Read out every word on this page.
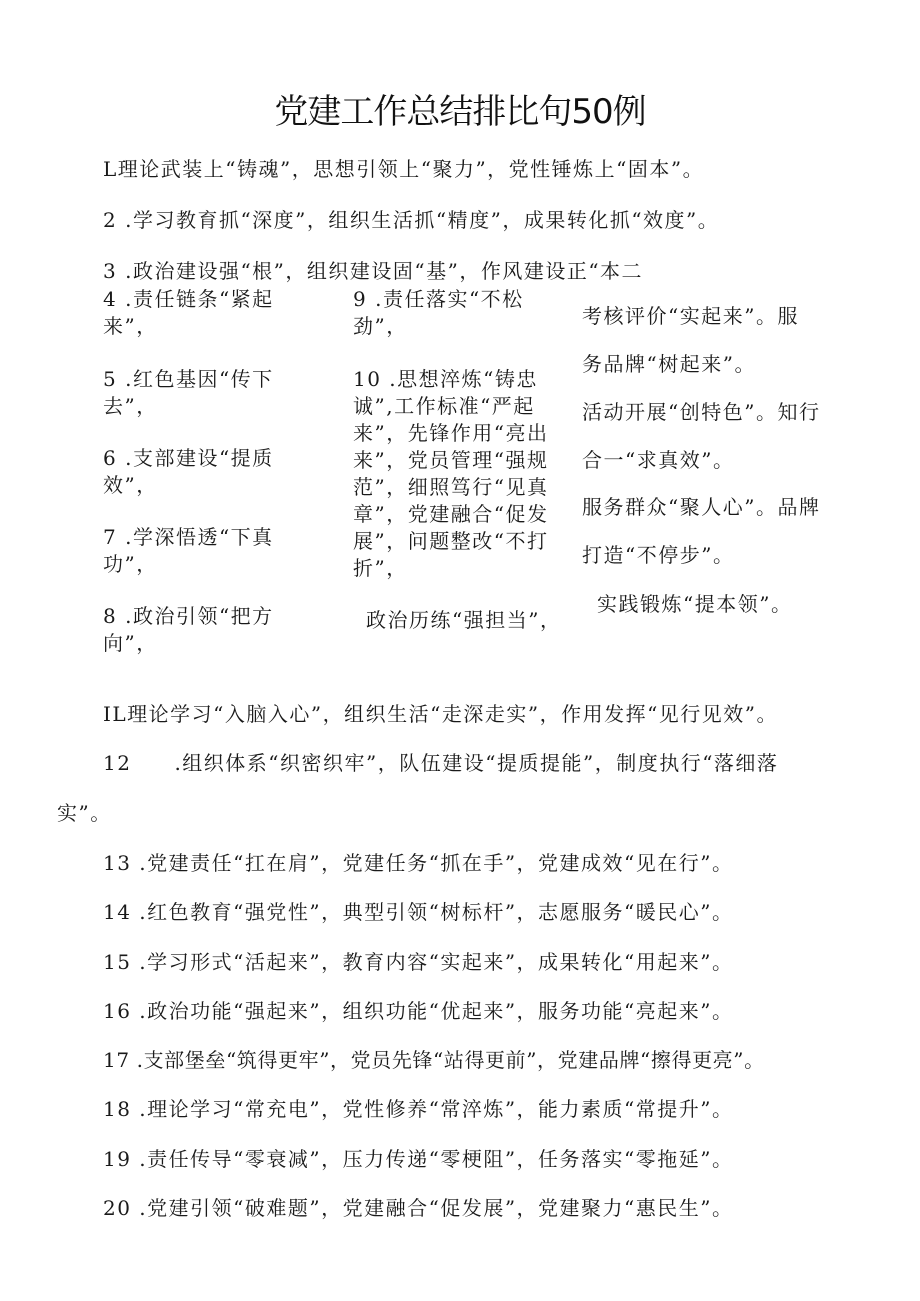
党建工作总结排比句50例
L理论武装上“铸魂”，思想引领上“聚力”，党性锤炼上“固本”。
2 .学习教育抓“深度”，组织生活抓“精度”，成果转化抓“效度”。
3 .政治建设强“根”，组织建设固“基”，作风建设正“本二
4 .责任链条“紧起
来”，
5 .红色基因“传下
去”，
6 .支部建设“提质
效”，
7 .学深悟透“下真
功”，
8 .政治引领“把方
向”，
9 .责任落实“不松
劲”，
10 .思想淬炼“铸忠
诚”,工作标准“严起
来”，先锋作用“亮出
来”，党员管理“强规
范”，细照笃行“见真
章”，党建融合“促发
展”，问题整改“不打
折”，
政治历练“强担当”，
考核评价“实起来”。服
务品牌“树起来”。
活动开展“创特色”。知行
合一“求真效”。
服务群众“聚人心”。品牌
打造“不停步”。
实践锻炼“提本领”。
IL理论学习“入脑入心”，组织生活“走深走实”，作用发挥“见行见效”。
12　　.组织体系“织密织牢”，队伍建设“提质提能”，制度执行“落细落
实”。
13 .党建责任“扛在肩”，党建任务“抓在手”，党建成效“见在行”。
14 .红色教育“强党性”，典型引领“树标杆”，志愿服务“暖民心”。
15 .学习形式“活起来”，教育内容“实起来”，成果转化“用起来”。
16 .政治功能“强起来”，组织功能“优起来”，服务功能“亮起来”。
17 .支部堡垒“筑得更牢”，党员先锋“站得更前”，党建品牌“擦得更亮”。
18 .理论学习“常充电”，党性修养“常淬炼”，能力素质“常提升”。
19 .责任传导“零衰减”，压力传递“零梗阻”，任务落实“零拖延”。
20 .党建引领“破难题”，党建融合“促发展”，党建聚力“惠民生”。
